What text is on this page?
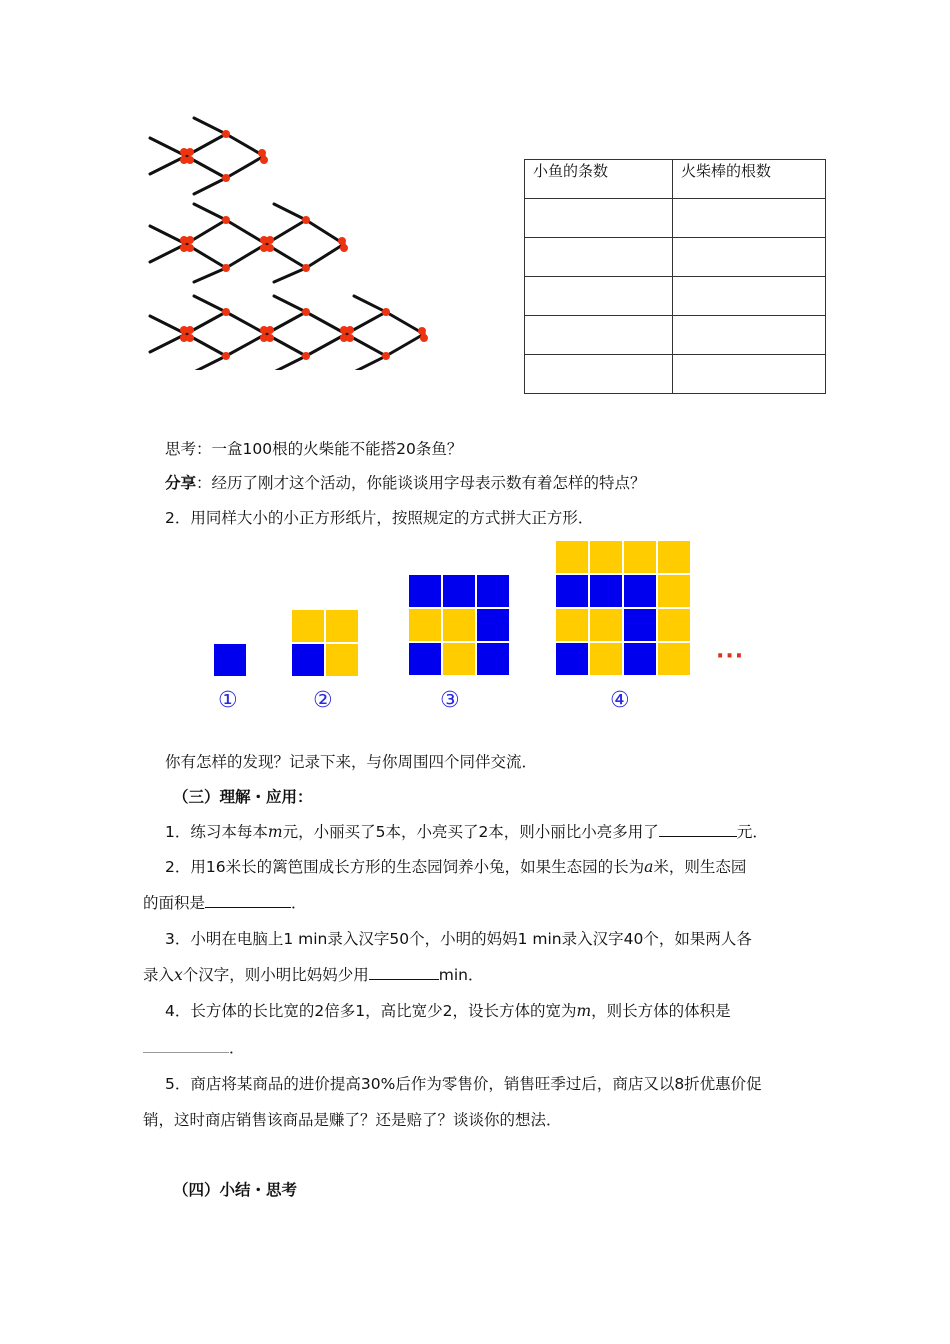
小鱼的条数	火柴棒的根数

思考：一盒100根的火柴能不能搭20条鱼？
分享：经历了刚才这个活动，你能谈谈用字母表示数有着怎样的特点？
2．用同样大小的小正方形纸片，按照规定的方式拼大正方形．
···
①	②	③	④
你有怎样的发现？记录下来，与你周围四个同伴交流．
（三）理解・应用：
1．练习本每本m元，小丽买了5本，小亮买了2本，则小丽比小亮多用了	元．
2．用16米长的篱笆围成长方形的生态园饲养小兔，如果生态园的长为a米，则生态园
的面积是	．
3．小明在电脑上1 min录入汉字50个，小明的妈妈1 min录入汉字40个，如果两人各
录入x个汉字，则小明比妈妈少用	min．
4．长方体的长比宽的2倍多1，高比宽少2，设长方体的宽为m，则长方体的体积是
．
5．商店将某商品的进价提高30%后作为零售价，销售旺季过后，商店又以8折优惠价促
销，这时商店销售该商品是赚了？还是赔了？谈谈你的想法．
（四）小结・思考
